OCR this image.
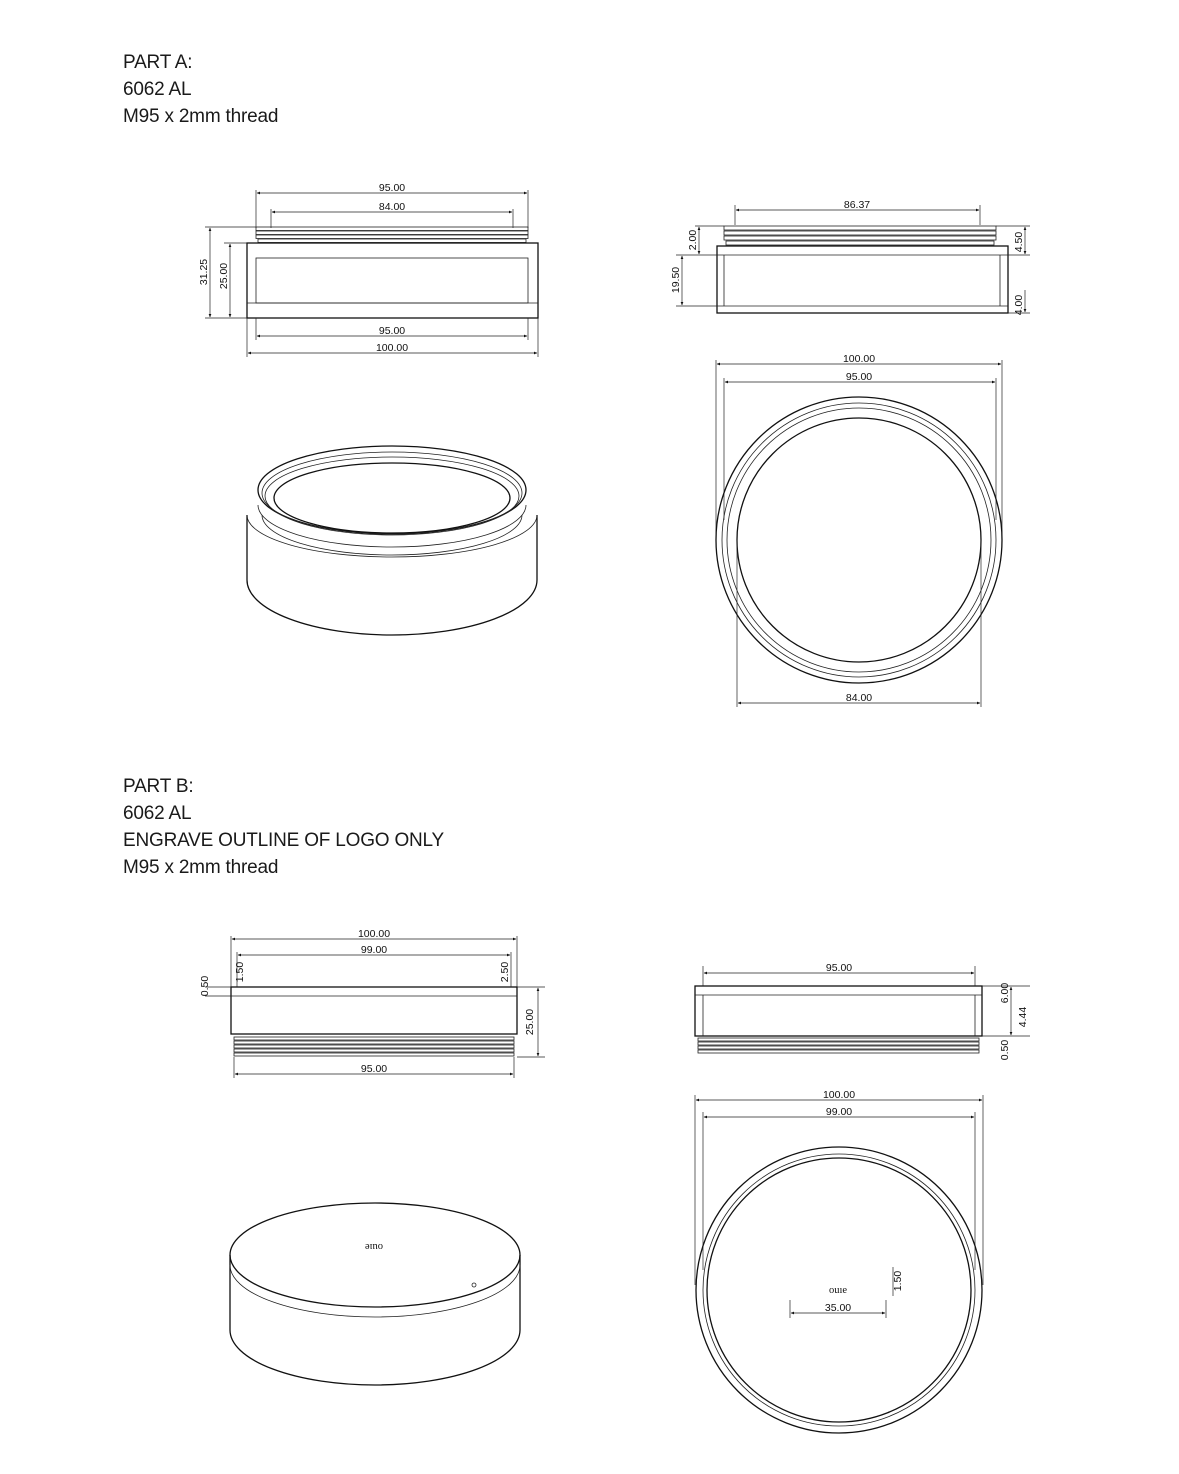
PART A:
6062 AL
M95 x 2mm thread
PART B:
6062 AL
ENGRAVE OUTLINE OF LOGO ONLY
M95 x 2mm thread
95.00
84.00
31.25 25.00
95.00
100.00
86.37
2.00
19.50
4.50
4.00
100.00
95.00
84.00
100.00
99.00
0.50
1.50	2.50
25.00
95.00
95.00
6.00
4.44
0.50
ouıe
100.00
99.00
ouıe
35.00
1.50
